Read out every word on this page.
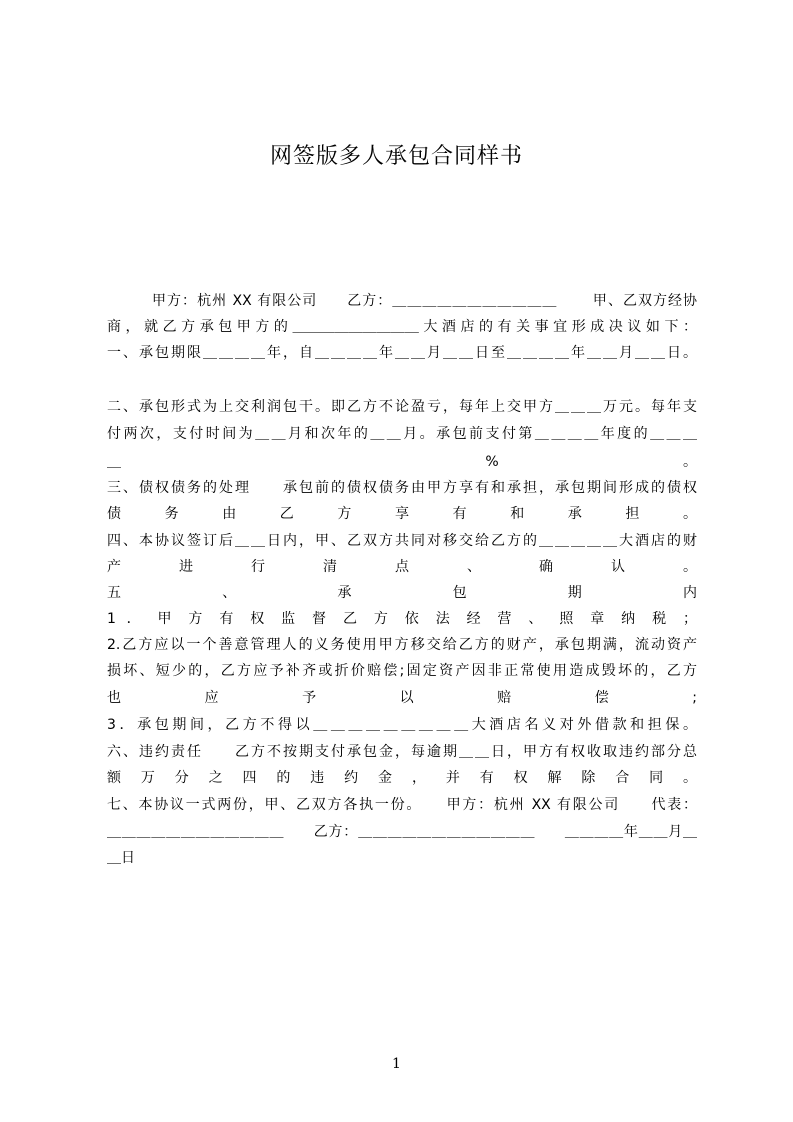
网签版多人承包合同样书
　　　甲方：杭州 XX 有限公司　　乙方：＿＿＿＿＿＿＿＿＿＿＿　　 甲、乙双方经协
商 ， 就 乙 方 承 包 甲 方 的 ＿＿＿＿＿＿＿＿＿ 大 酒 店 的 有 关 事 宜 形 成 决 议 如 下 ：
一、承包期限＿＿＿＿年，自＿＿＿＿年＿＿月＿＿日至＿＿＿＿年＿＿月＿＿日。
二、承包形式为上交利润包干。即乙方不论盈亏，每年上交甲方＿＿＿万元。每年支
付两次，支付时间为＿＿月和次年的＿＿月。承包前支付第＿＿＿＿年度的＿＿＿
＿ % 。
三、债权债务的处理　　承包前的债权债务由甲方享有和承担，承包期间形成的债权
债 务 由 乙 方 享 有 和 承 担 。
四、本协议签订后＿＿日内，甲、乙双方共同对移交给乙方的＿＿＿＿＿大酒店的财
产 进 行 清 点 、 确 认 。
五 、 承 包 期 内
1 ． 甲 方 有 权 监 督 乙 方 依 法 经 营 、 照 章 纳 税 ；
2.乙方应以一个善意管理人的义务使用甲方移交给乙方的财产，承包期满，流动资产
损坏、短少的，乙方应予补齐或折价赔偿;固定资产因非正常使用造成毁坏的，乙方
也 应 予 以 赔 偿 ;
3．承包期间，乙方不得以＿＿＿＿＿＿＿＿＿大酒店名义对外借款和担保。
六、违约责任　　乙方不按期支付承包金，每逾期＿＿日，甲方有权收取违约部分总
额 万 分 之 四 的 违 约 金 ， 并 有 权 解 除 合 同 。
七、本协议一式两份，甲、乙双方各执一份。　　甲方：杭州 XX 有限公司　　代表：
＿＿＿＿＿＿＿＿＿＿＿＿　　乙方：＿＿＿＿＿＿＿＿＿＿＿＿　　＿＿＿＿年＿＿月＿
＿日
1
